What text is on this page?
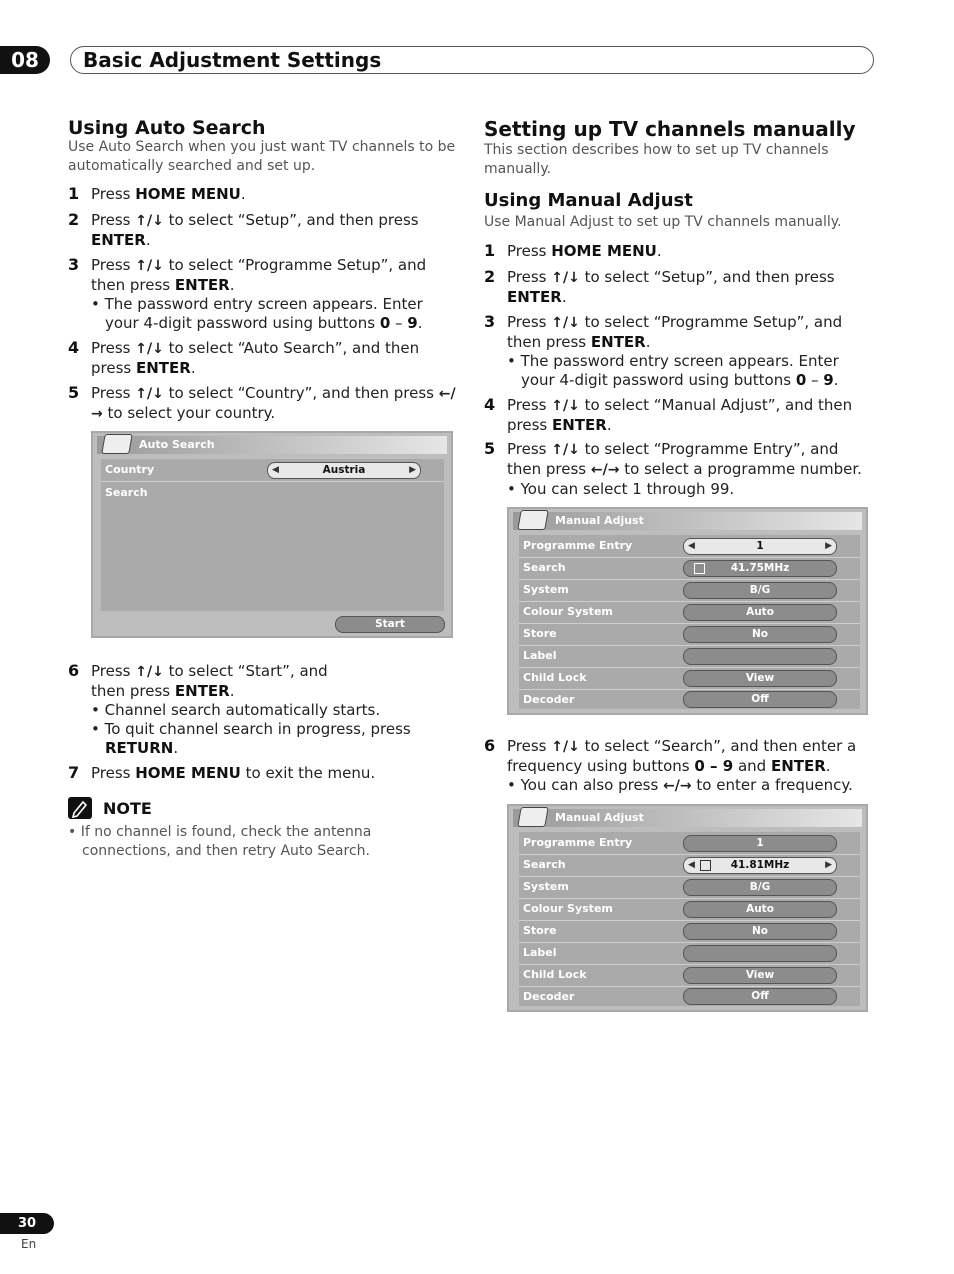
08	Basic Adjustment Settings
Using Auto Search
Use Auto Search when you just want TV channels to be automatically searched and set up.
1 Press HOME MENU.
2 Press ↑/↓ to select “Setup”, and then press ENTER.
3 Press ↑/↓ to select “Programme Setup”, and then press ENTER.
• The password entry screen appears. Enter your 4-digit password using buttons 0 – 9.
4 Press ↑/↓ to select “Auto Search”, and then press ENTER.
5 Press ↑/↓ to select “Country”, and then press ←/→ to select your country.
Auto Search
Country	◀	Austria	▶
Search
Start
6 Press ↑/↓ to select “Start”, and then press ENTER.
• Channel search automatically starts.
• To quit channel search in progress, press RETURN.
7 Press HOME MENU to exit the menu.
NOTE
• If no channel is found, check the antenna connections, and then retry Auto Search.
Setting up TV channels manually
This section describes how to set up TV channels manually.
Using Manual Adjust
Use Manual Adjust to set up TV channels manually.
1 Press HOME MENU.
2 Press ↑/↓ to select “Setup”, and then press ENTER.
3 Press ↑/↓ to select “Programme Setup”, and then press ENTER.
• The password entry screen appears. Enter your 4-digit password using buttons 0 – 9.
4 Press ↑/↓ to select “Manual Adjust”, and then press ENTER.
5 Press ↑/↓ to select “Programme Entry”, and then press ←/→ to select a programme number.
• You can select 1 through 99.
Manual Adjust
Programme Entry	◀	1	▶
Search	41.75MHz
System	B/G
Colour System	Auto
Store	No
Label
Child Lock	View
Decoder	Off
6 Press ↑/↓ to select “Search”, and then enter a frequency using buttons 0 – 9 and ENTER.
• You can also press ←/→ to enter a frequency.
Manual Adjust
Programme Entry	1
Search	◀	41.81MHz	▶
System	B/G
Colour System	Auto
Store	No
Label
Child Lock	View
Decoder	Off
30
En
